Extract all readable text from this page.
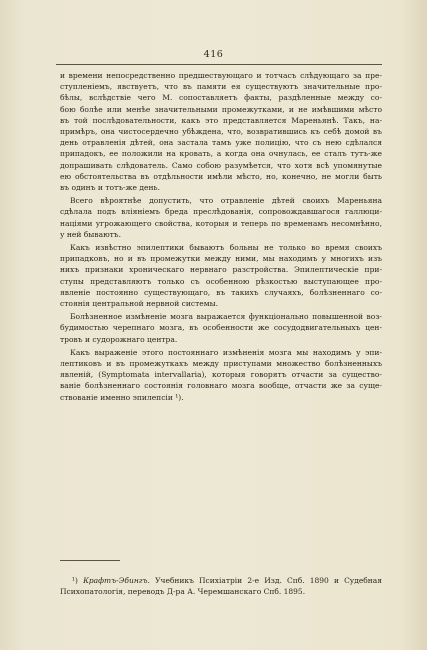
416
и времени непосредственно предшествующаго и тотчасъ слѣдующаго за пре-
ступленіемъ, явствуетъ, что въ памяти ея существуютъ значительные про-
бѣлы, вслѣдствіе чего М. сопоставляетъ факты, раздѣленные между со-
бою болѣе или менѣе значительными промежутками, и не имѣвшими мѣсто
въ той послѣдовательности, какъ это представляется Мареньянѣ. Такъ, на-
примѣръ, она чистосердечно убѣждена, что, возвратившись къ себѣ домой въ
день отравленія дѣтей, она застала тамъ уже полицію, что съ нею сдѣлался
припадокъ, ее положили на кровать, а когда она очнулась, ее сталъ тутъ-же
допрашивать слѣдователь. Само собою разумѣется, что хотя всѣ упомянутые
ею обстоятельства въ отдѣльности имѣли мѣсто, но, конечно, не могли быть
въ одинъ и тотъ-же день.
Всего вѣроятнѣе допустить, что отравленіе дѣтей своихъ Мареньяна
сдѣлала подъ вліяніемъ бреда преслѣдованія, сопровождавшагося галлюци-
націями угрожающего свойства, которыя и теперь по временамъ несомнѣнно,
у ней бываютъ.
Какъ извѣстно эпилептики бываютъ больны не только во время своихъ
припадковъ, но и въ промежутки между ними, мы находимъ у многихъ изъ
нихъ признаки хроническаго нервнаго разстройства. Эпилептическіе при-
ступы представляютъ только съ особенною рѣзкостью выступающее про-
явленіе постоянно существующаго, въ такихъ случаяхъ, болѣзненнаго со-
стоянія центральной нервной системы.
Болѣзненное измѣненіе мозга выражается функціонально повышенной воз-
будимостью черепнаго мозга, въ особенности же сосудодвигательныхъ цен-
тровъ и судорожнаго центра.
Какъ выраженіе этого постояннаго измѣненія мозга мы находимъ у эпи-
лептиковъ и въ промежуткахъ между приступами множество болѣзненныхъ
явленій, (Symptomata intervallaria), которыя говорятъ отчасти за существо-
ваніе болѣзненнаго состоянія головнаго мозга вообще, отчасти же за суще-
ствованіе именно эпилепсіи ¹).
¹) Крафтъ-Эбингъ. Учебникъ Психіатріи 2-е Изд. Спб. 1890 и Судебная
Психопатологія, переводъ Д-ра А. Черемшанскаго Спб. 1895.
